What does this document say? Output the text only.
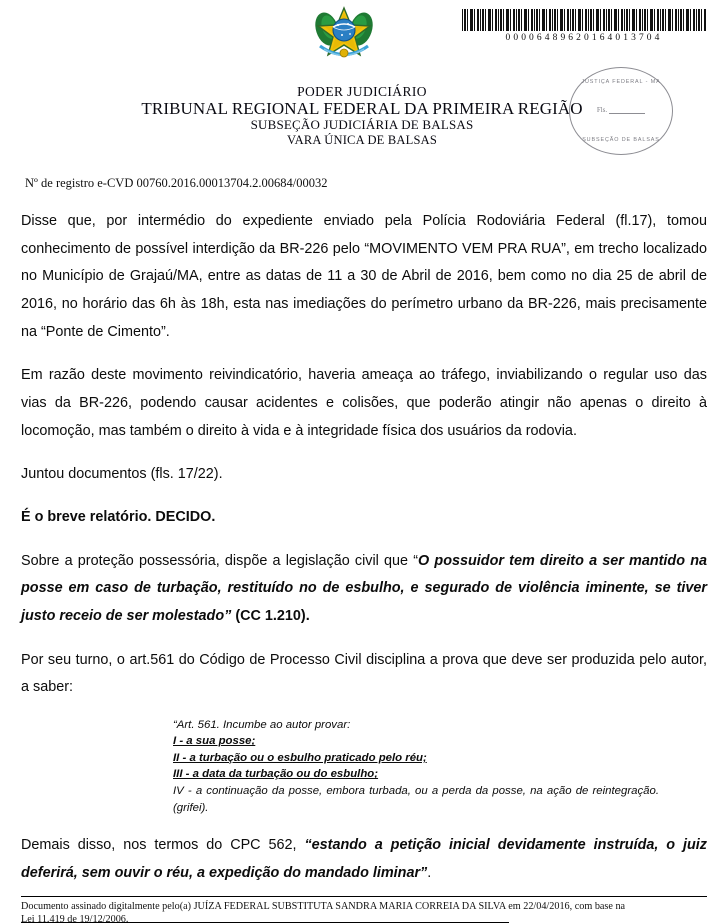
00006489620164013704
PODER JUDICIÁRIO
TRIBUNAL REGIONAL FEDERAL DA PRIMEIRA REGIÃO
SUBSEÇÃO JUDICIÁRIA DE BALSAS
VARA ÚNICA DE BALSAS
JUSTIÇA FEDERAL - MA
Fls.
SUBSEÇÃO DE BALSAS
Nº de registro e-CVD 00760.2016.00013704.2.00684/00032

Disse que, por intermédio do expediente enviado pela Polícia Rodoviária Federal (fl.17), tomou conhecimento de possível interdição da BR-226 pelo “MOVIMENTO VEM PRA RUA”, em trecho localizado no Município de Grajaú/MA, entre as datas de 11 a 30 de Abril de 2016, bem como no dia 25 de abril de 2016, no horário das 6h às 18h, esta nas imediações do perímetro urbano da BR-226, mais precisamente na “Ponte de Cimento”.

Em razão deste movimento reivindicatório, haveria ameaça ao tráfego, inviabilizando o regular uso das vias da BR-226, podendo causar acidentes e colisões, que poderão atingir não apenas o direito à locomoção, mas também o direito à vida e à integridade física dos usuários da rodovia.

Juntou documentos (fls. 17/22).

É o breve relatório. DECIDO.

Sobre a proteção possessória, dispõe a legislação civil que “O possuidor tem direito a ser mantido na posse em caso de turbação, restituído no de esbulho, e segurado de violência iminente, se tiver justo receio de ser molestado” (CC 1.210).

Por seu turno, o art.561 do Código de Processo Civil disciplina a prova que deve ser produzida pelo autor, a saber:

“Art. 561. Incumbe ao autor provar:
I - a sua posse;
II - a turbação ou o esbulho praticado pelo réu;
III - a data da turbação ou do esbulho;
IV - a continuação da posse, embora turbada, ou a perda da posse, na ação de reintegração. (grifei).

Demais disso, nos termos do CPC 562, “estando a petição inicial devidamente instruída, o juiz deferirá, sem ouvir o réu, a expedição do mandado liminar”.

Documento assinado digitalmente pelo(a) JUÍZA FEDERAL SUBSTITUTA SANDRA MARIA CORREIA DA SILVA em 22/04/2016, com base na
Lei 11.419 de 19/12/2006.
